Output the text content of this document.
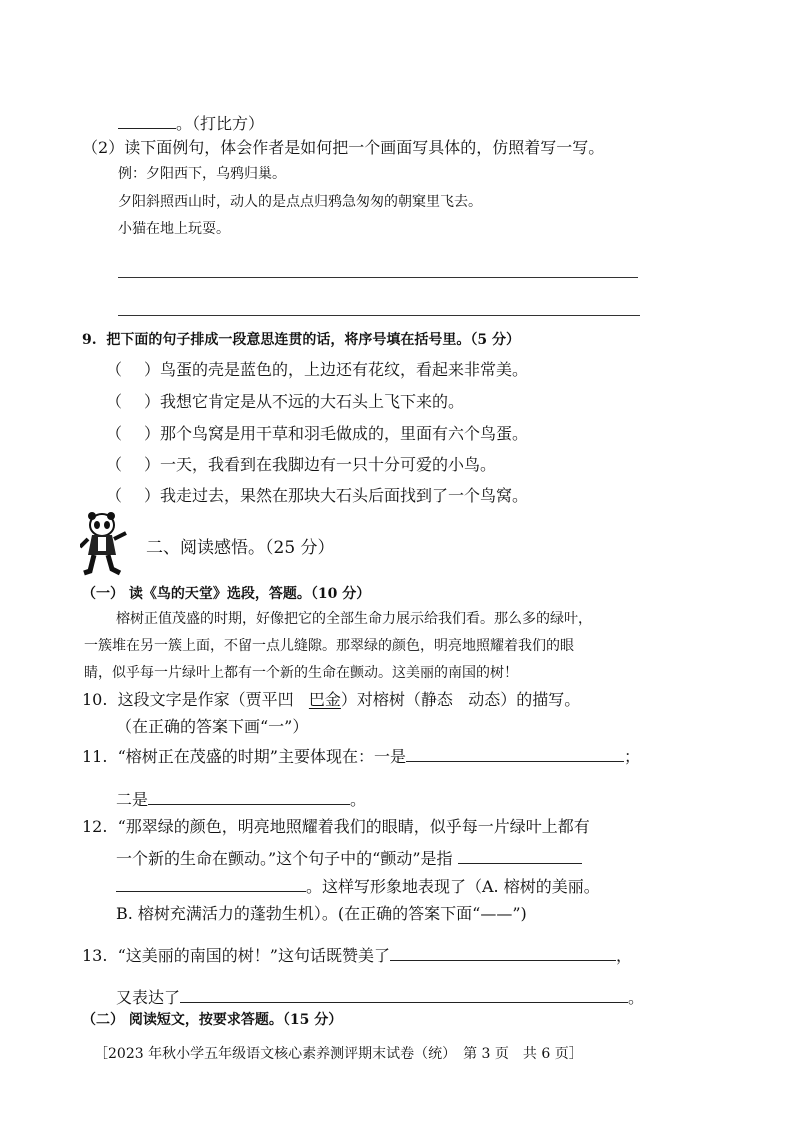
。（打比方）
（2）读下面例句，体会作者是如何把一个画面写具体的，仿照着写一写。
例：夕阳西下，乌鸦归巢。
夕阳斜照西山时，动人的是点点归鸦急匆匆的朝窠里飞去。
小猫在地上玩耍。
9. 把下面的句子排成一段意思连贯的话，将序号填在括号里。（5 分）
（ ）鸟蛋的壳是蓝色的，上边还有花纹，看起来非常美。
（ ）我想它肯定是从不远的大石头上飞下来的。
（ ）那个鸟窝是用干草和羽毛做成的，里面有六个鸟蛋。
（ ）一天，我看到在我脚边有一只十分可爱的小鸟。
（ ）我走过去，果然在那块大石头后面找到了一个鸟窝。
二、阅读感悟。（25 分）
（一） 读《鸟的天堂》选段，答题。（10 分）
榕树正值茂盛的时期，好像把它的全部生命力展示给我们看。那么多的绿叶，
一簇堆在另一簇上面，不留一点儿缝隙。那翠绿的颜色，明亮地照耀着我们的眼
睛，似乎每一片绿叶上都有一个新的生命在颤动。这美丽的南国的树！
10. 这段文字是作家（贾平凹 巴金）对榕树（静态 动态）的描写。
（在正确的答案下画“一”）
11. “榕树正在茂盛的时期”主要体现在：一是	；
二是	。
12. “那翠绿的颜色，明亮地照耀着我们的眼睛，似乎每一片绿叶上都有
一个新的生命在颤动。”这个句子中的“颤动”是指
。这样写形象地表现了（A. 榕树的美丽。
B. 榕树充满活力的蓬勃生机）。(在正确的答案下面“——”)
13. “这美丽的南国的树！”这句话既赞美了	，
又表达了	。
（二） 阅读短文，按要求答题。（15 分）
［2023 年秋小学五年级语文核心素养测评期末试卷（统）　第 3 页　共 6 页］
